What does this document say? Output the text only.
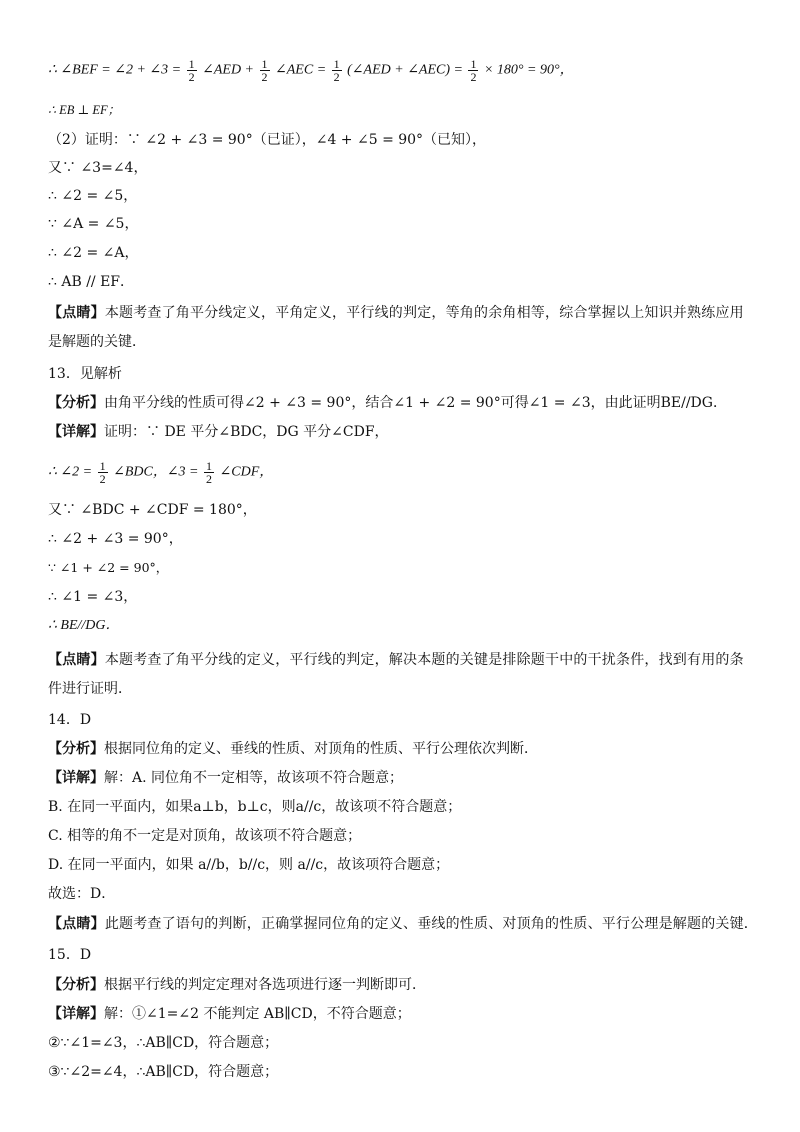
∴ ∠BEF = ∠2 + ∠3 = $\frac{1}{2}$ ∠AED + $\frac{1}{2}$ ∠AEC = $\frac{1}{2}$ (∠AED + ∠AEC) = $\frac{1}{2} \times 180^\circ = 90^\circ$，
∴ EB ⊥ EF；
（2）证明：∵ ∠2 + ∠3 = 90°（已证），∠4 + ∠5 = 90°（已知），
又∵ ∠3=∠4，
∴ ∠2 = ∠5，
∵ ∠A = ∠5，
∴ ∠2 = ∠A，
∴ AB // EF．
【点睛】本题考查了角平分线定义，平角定义，平行线的判定，等角的余角相等，综合掌握以上知识并熟练应用
是解题的关键．
13．见解析
【分析】由角平分线的性质可得∠2 + ∠3 = 90°，结合∠1 + ∠2 = 90°可得∠1 = ∠3，由此证明BE//DG．
【详解】证明：∵ DE 平分∠BDC，DG 平分∠CDF，
∴ ∠2 = $\frac{1}{2}$ ∠BDC，∠3 = $\frac{1}{2}$ ∠CDF，
又∵ ∠BDC + ∠CDF = 180°，
∴ ∠2 + ∠3 = 90°，
∵ ∠1 + ∠2 = 90°，
∴ ∠1 = ∠3，
∴ BE//DG．
【点睛】本题考查了角平分线的定义，平行线的判定，解决本题的关键是排除题干中的干扰条件，找到有用的条
件进行证明．
14．D
【分析】根据同位角的定义、垂线的性质、对顶角的性质、平行公理依次判断．
【详解】解：A. 同位角不一定相等，故该项不符合题意；
B. 在同一平面内，如果a⊥b，b⊥c，则a//c，故该项不符合题意；
C. 相等的角不一定是对顶角，故该项不符合题意；
D. 在同一平面内，如果 a//b，b//c，则 a//c，故该项符合题意；
故选：D．
【点睛】此题考查了语句的判断，正确掌握同位角的定义、垂线的性质、对顶角的性质、平行公理是解题的关键．
15．D
【分析】根据平行线的判定定理对各选项进行逐一判断即可．
【详解】解：①∠1=∠2 不能判定 AB∥CD，不符合题意；
②∵∠1=∠3，∴AB∥CD，符合题意；
③∵∠2=∠4，∴AB∥CD，符合题意；
